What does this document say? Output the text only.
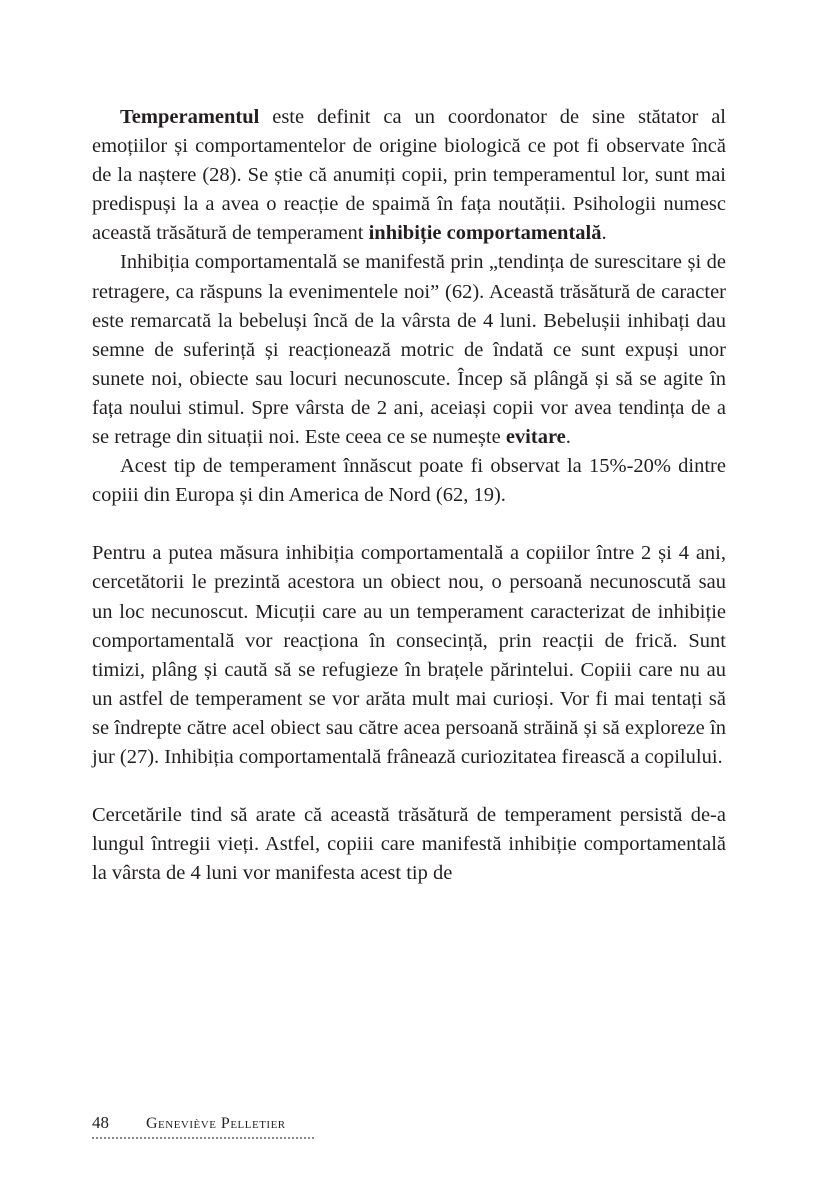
Temperamentul este definit ca un coordonator de sine stătator al emoțiilor și comportamentelor de origine biologică ce pot fi observate încă de la naștere (28). Se știe că anumiți copii, prin temperamentul lor, sunt mai predispuși la a avea o reacție de spaimă în fața noutății. Psihologii numesc această trăsătură de temperament inhibiție comportamentală.

Inhibiția comportamentală se manifestă prin „tendința de surescitare și de retragere, ca răspuns la evenimentele noi” (62). Această trăsătură de caracter este remarcată la bebeluși încă de la vârsta de 4 luni. Bebelușii inhibați dau semne de suferință și reacționează motric de îndată ce sunt expuși unor sunete noi, obiecte sau locuri necunoscute. Încep să plângă și să se agite în fața noului stimul. Spre vârsta de 2 ani, aceiași copii vor avea tendința de a se retrage din situații noi. Este ceea ce se numește evitare.

Acest tip de temperament înnăscut poate fi observat la 15%-20% dintre copiii din Europa și din America de Nord (62, 19).

Pentru a putea măsura inhibiția comportamentală a copiilor între 2 și 4 ani, cercetătorii le prezintă acestora un obiect nou, o persoană necunoscută sau un loc necunoscut. Micuții care au un temperament caracterizat de inhibiție comportamentală vor reacționa în consecință, prin reacții de frică. Sunt timizi, plâng și caută să se refugieze în brațele părintelui. Copiii care nu au un astfel de temperament se vor arăta mult mai curioși. Vor fi mai tentați să se îndrepte către acel obiect sau către acea persoană străină și să exploreze în jur (27). Inhibiția comportamentală frânează curiozitatea firească a copilului.

Cercetările tind să arate că această trăsătură de temperament persistă de-a lungul întregii vieți. Astfel, copiii care manifestă inhibiție comportamentală la vârsta de 4 luni vor manifesta acest tip de

48 Geneviève Pelletier
